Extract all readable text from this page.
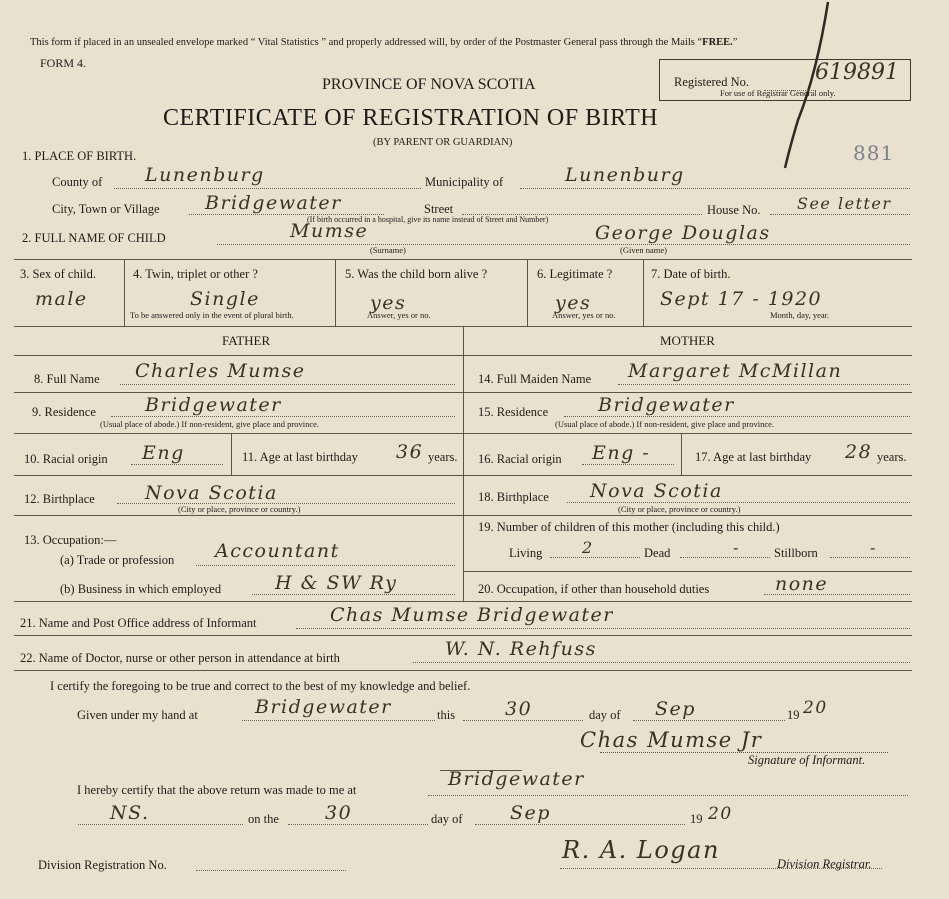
This form if placed in an unsealed envelope marked “ Vital Statistics ” and properly addressed will, by order of the Postmaster General pass through the Mails “FREE.”
FORM 4.
PROVINCE OF NOVA SCOTIA
CERTIFICATE OF REGISTRATION OF BIRTH
(BY PARENT OR GUARDIAN)
Registered No.	619891
For use of Registrar General only.
881
1. PLACE OF BIRTH.
County of Lunenburg	Municipality of	Lunenburg
City, Town or Village Bridgewater	Street
(If birth occurred in a hospital, give its name instead of Street and Number)
House No. See letter
2. FULL NAME OF CHILD	Mumse
(Surname)
George Douglas
(Given name)
3. Sex of child.
male
4. Twin, triplet or other ?
Single
To be answered only in the event of plural birth.
5. Was the child born alive ?
yes
Answer, yes or no.
6. Legitimate ?
yes
Answer, yes or no.
7. Date of birth.
Sept 17 - 1920
Month, day, year.
FATHER	MOTHER
8. Full Name Charles Mumse
9. Residence	Bridgewater
(Usual place of abode.) If non-resident, give place and province.
10. Racial origin Eng	11. Age at last birthday 36 years.
12. Birthplace	Nova Scotia
(City or place, province or country.)
13. Occupation:—
(a) Trade or profession Accountant
(b) Business in which employed	H & SW Ry
14. Full Maiden Name Margaret McMillan
15. Residence	Bridgewater
(Usual place of abode.) If non-resident, give place and province.
16. Racial origin Eng -	17. Age at last birthday 28 years.
18. Birthplace Nova Scotia
(City or place, province or country.)
19. Number of children of this mother (including this child.)
Living 2	Dead	-	Stillborn	-
20. Occupation, if other than household duties	none
21. Name and Post Office address of Informant	Chas Mumse Bridgewater
22. Name of Doctor, nurse or other person in attendance at birth	W. N. Rehfuss
I certify the foregoing to be true and correct to the best of my knowledge and belief.
Given under my hand at	Bridgewater	this	30	day of Sep	19 20
Chas Mumse Jr
Signature of Informant.
I hereby certify that the above return was made to me at	Bridgewater
NS.	on the 30	day of Sep	19 20
R. A. Logan
Division Registration No.	Division Registrar.
